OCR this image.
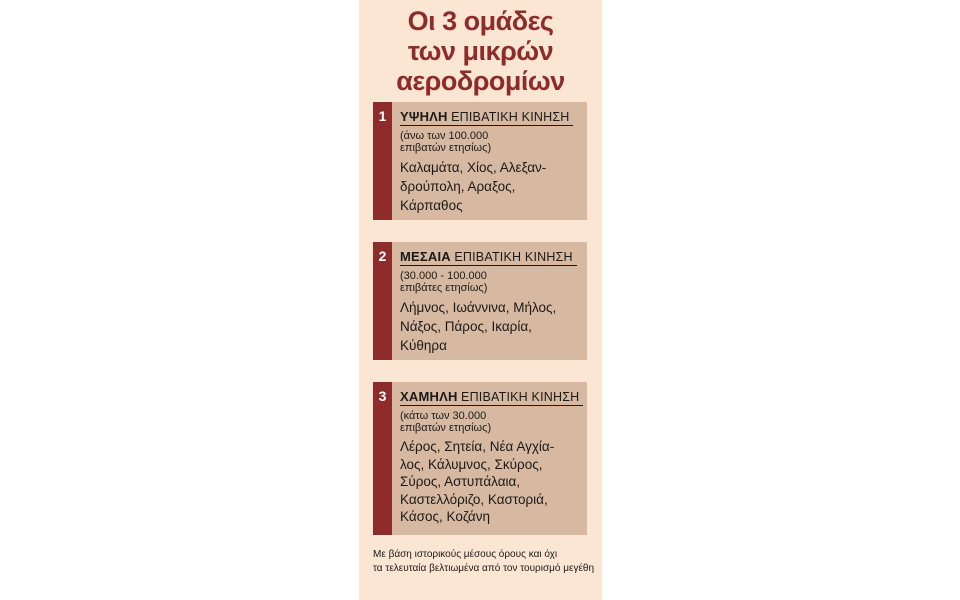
Οι 3 ομάδες
των μικρών
αεροδρομίων
1	ΥΨΗΛΗ ΕΠΙΒΑΤΙΚΗ ΚΙΝΗΣΗ
(άνω των 100.000 επιβατών ετησίως)
Καλαμάτα, Χίος, Αλεξαν-
δρούπολη, Αραξος,
Κάρπαθος
2	ΜΕΣΑΙΑ ΕΠΙΒΑΤΙΚΗ ΚΙΝΗΣΗ
(30.000 - 100.000 επιβάτες ετησίως)
Λήμνος, Ιωάννινα, Μήλος,
Νάξος, Πάρος, Ικαρία,
Κύθηρα
3	ΧΑΜΗΛΗ ΕΠΙΒΑΤΙΚΗ ΚΙΝΗΣΗ
(κάτω των 30.000 επιβατών ετησίως)
Λέρος, Σητεία, Νέα Αγχία-
λος, Κάλυμνος, Σκύρος,
Σύρος, Αστυπάλαια,
Καστελλόριζο, Καστοριά,
Κάσος, Κοζάνη
Με βάση ιστορικούς μέσους όρους και όχι
τα τελευταία βελτιωμένα από τον τουρισμό μεγέθη
